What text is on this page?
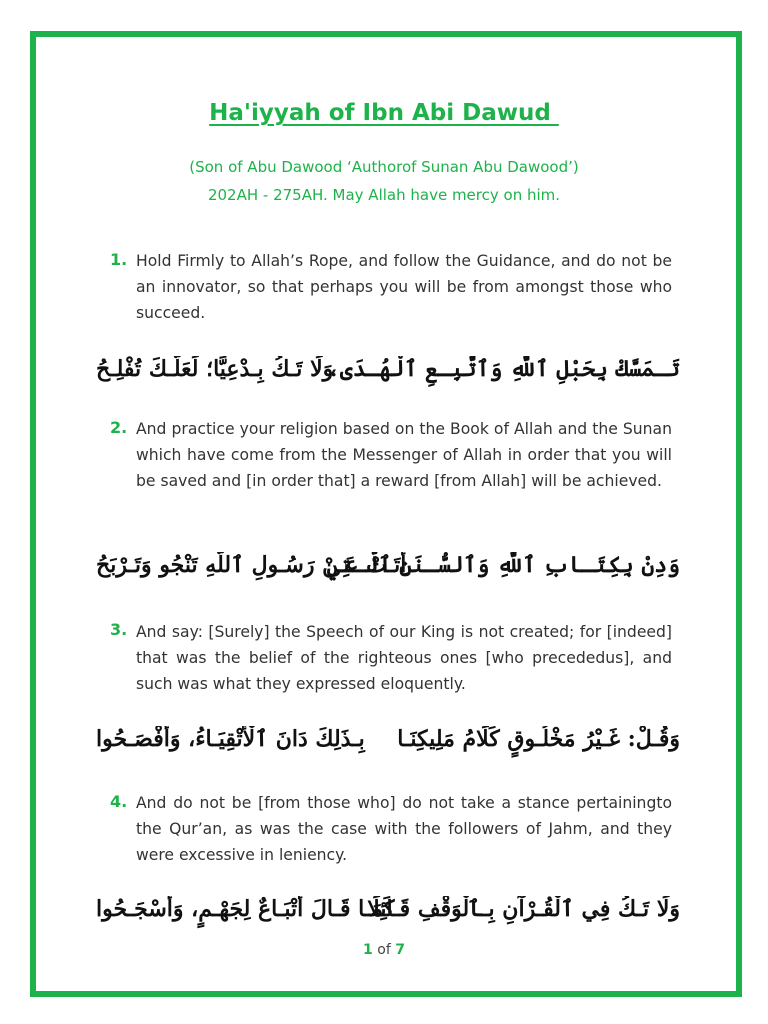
Ha'iyyah of Ibn Abi Dawud
(Son of Abu Dawood ‘Authorof Sunan Abu Dawood’)
202AH - 275AH. May Allah have mercy on him.
1. Hold Firmly to Allah’s Rope, and follow the Guidance, and do not be an innovator, so that perhaps you will be from amongst those who succeed.
تَـمَسَّكْ بِحَبْلِ ٱللَّهِ وَٱتَّبِـعِ ٱلْهُـدَى،
وَلَا تَـكُ بِـدْعِيًّا؛ لَعَلَّـكَ تُفْلِـحُ
2. And practice your religion based on the Book of Allah and the Sunan which have come from the Messenger of Allah in order that you will be saved and [in order that] a reward [from Allah] will be achieved.
وَدِنْ بِكِتَـابِ ٱللَّهِ وَٱلسُّـنَنِ ٱلَّـتِي
أَتَـتْ عَـنْ رَسُـولِ ٱللَّهِ تَنْجُو وَتَـرْبَحُ
3. And say: [Surely] the Speech of our King is not created; for [indeed] that was the belief of the righteous ones [who precededus], and such was what they expressed eloquently.
وَقُـلْ: غَـيْرُ مَخْلُـوقٍ كَلَامُ مَلِيكِنَـا
بِـذَلِكَ دَانَ ٱلْأَتْقِيَـاءُ، وَأَفْصَـحُوا
4. And do not be [from those who] do not take a stance pertainingto the Qur’an, as was the case with the followers of Jahm, and they were excessive in leniency.
وَلَا تَـكُ فِي ٱلْقُـرْآنِ بِـٱلْوَقْفِ قَـائِلًا
كَمَـا قَـالَ أَتْبَـاعٌ لِجَهْـمٍ، وَأَسْجَـحُوا
1 of 7
